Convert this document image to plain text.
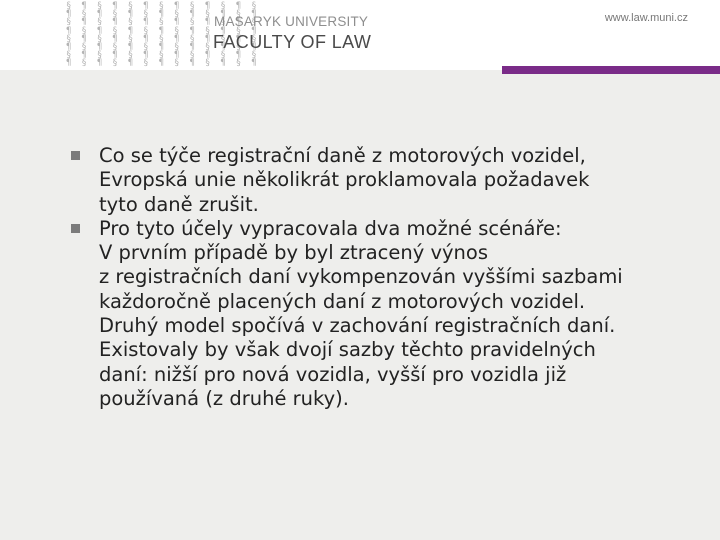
§ ¶ § ¶ § ¶ § ¶ § ¶ § ¶ §
¶ § ¶ § ¶ § ¶ § ¶ § ¶ § ¶
§ ¶ § ¶ § ¶ § ¶ § ¶ § ¶ §
¶ § ¶ § ¶ § ¶ § ¶ § ¶ § ¶
§ ¶ § ¶ § ¶ § ¶ § ¶ § ¶ §
¶ § ¶ § ¶ § ¶ § ¶ § ¶ § ¶
§ ¶ § ¶ § ¶ § ¶ § ¶ § ¶ §
¶ § ¶ § ¶ § ¶ § ¶ § ¶ § ¶
MASARYK UNIVERSITY
FACULTY OF LAW
www.law.muni.cz
Co se týče registrační daně z motorových vozidel,
Evropská unie několikrát proklamovala požadavek
tyto daně zrušit.
Pro tyto účely vypracovala dva možné scénáře:
V prvním případě by byl ztracený výnos
z registračních daní vykompenzován vyššími sazbami
každoročně placených daní z motorových vozidel.
Druhý model spočívá v zachování registračních daní.
Existovaly by však dvojí sazby těchto pravidelných
daní: nižší pro nová vozidla, vyšší pro vozidla již
používaná (z druhé ruky).
